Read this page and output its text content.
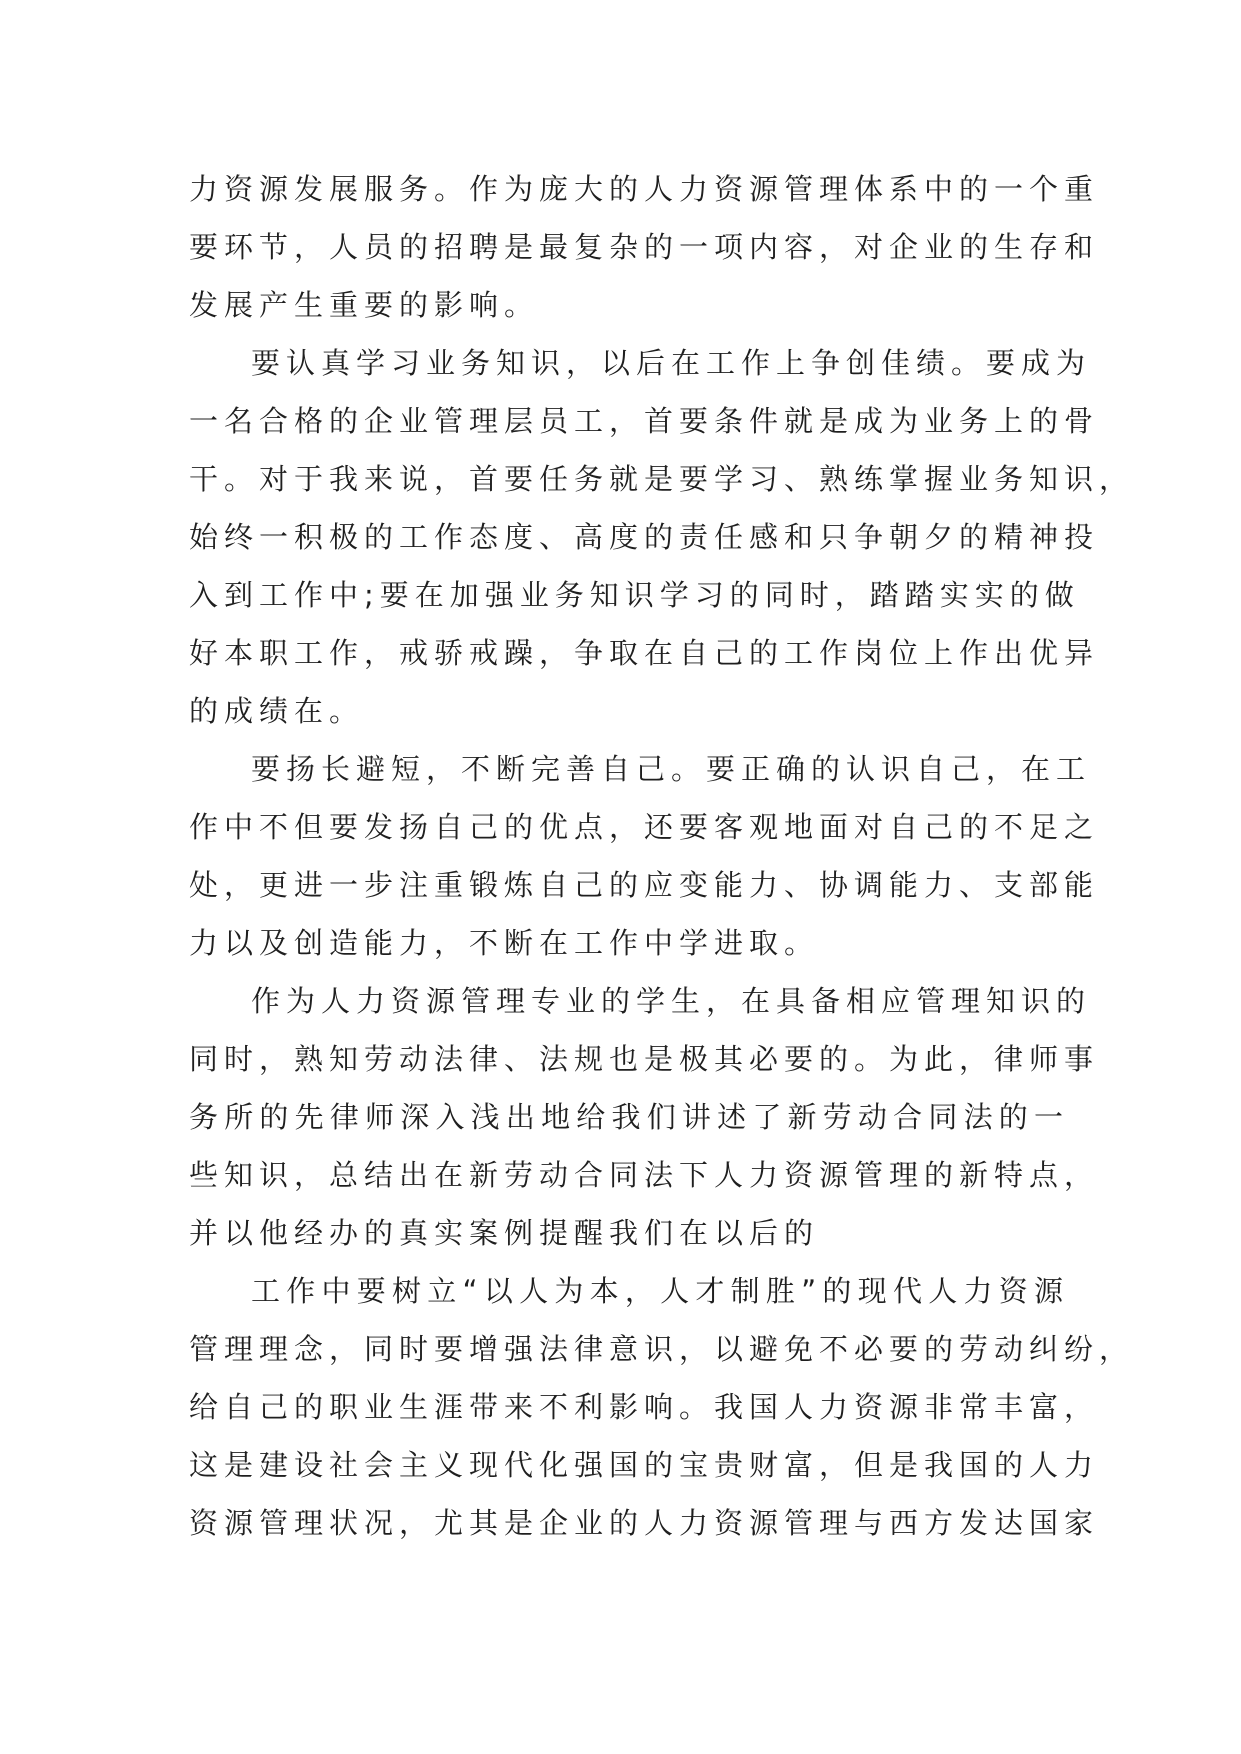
力资源发展服务。作为庞大的人力资源管理体系中的一个重
要环节，人员的招聘是最复杂的一项内容，对企业的生存和
发展产生重要的影响。
要认真学习业务知识，以后在工作上争创佳绩。要成为
一名合格的企业管理层员工，首要条件就是成为业务上的骨
干。对于我来说，首要任务就是要学习、熟练掌握业务知识，
始终一积极的工作态度、高度的责任感和只争朝夕的精神投
入到工作中;要在加强业务知识学习的同时，踏踏实实的做
好本职工作，戒骄戒躁，争取在自己的工作岗位上作出优异
的成绩在。
要扬长避短，不断完善自己。要正确的认识自己，在工
作中不但要发扬自己的优点，还要客观地面对自己的不足之
处，更进一步注重锻炼自己的应变能力、协调能力、支部能
力以及创造能力，不断在工作中学进取。
作为人力资源管理专业的学生，在具备相应管理知识的
同时，熟知劳动法律、法规也是极其必要的。为此，律师事
务所的先律师深入浅出地给我们讲述了新劳动合同法的一
些知识，总结出在新劳动合同法下人力资源管理的新特点，
并以他经办的真实案例提醒我们在以后的
工作中要树立“以人为本，人才制胜”的现代人力资源
管理理念，同时要增强法律意识，以避免不必要的劳动纠纷，
给自己的职业生涯带来不利影响。我国人力资源非常丰富，
这是建设社会主义现代化强国的宝贵财富，但是我国的人力
资源管理状况，尤其是企业的人力资源管理与西方发达国家
